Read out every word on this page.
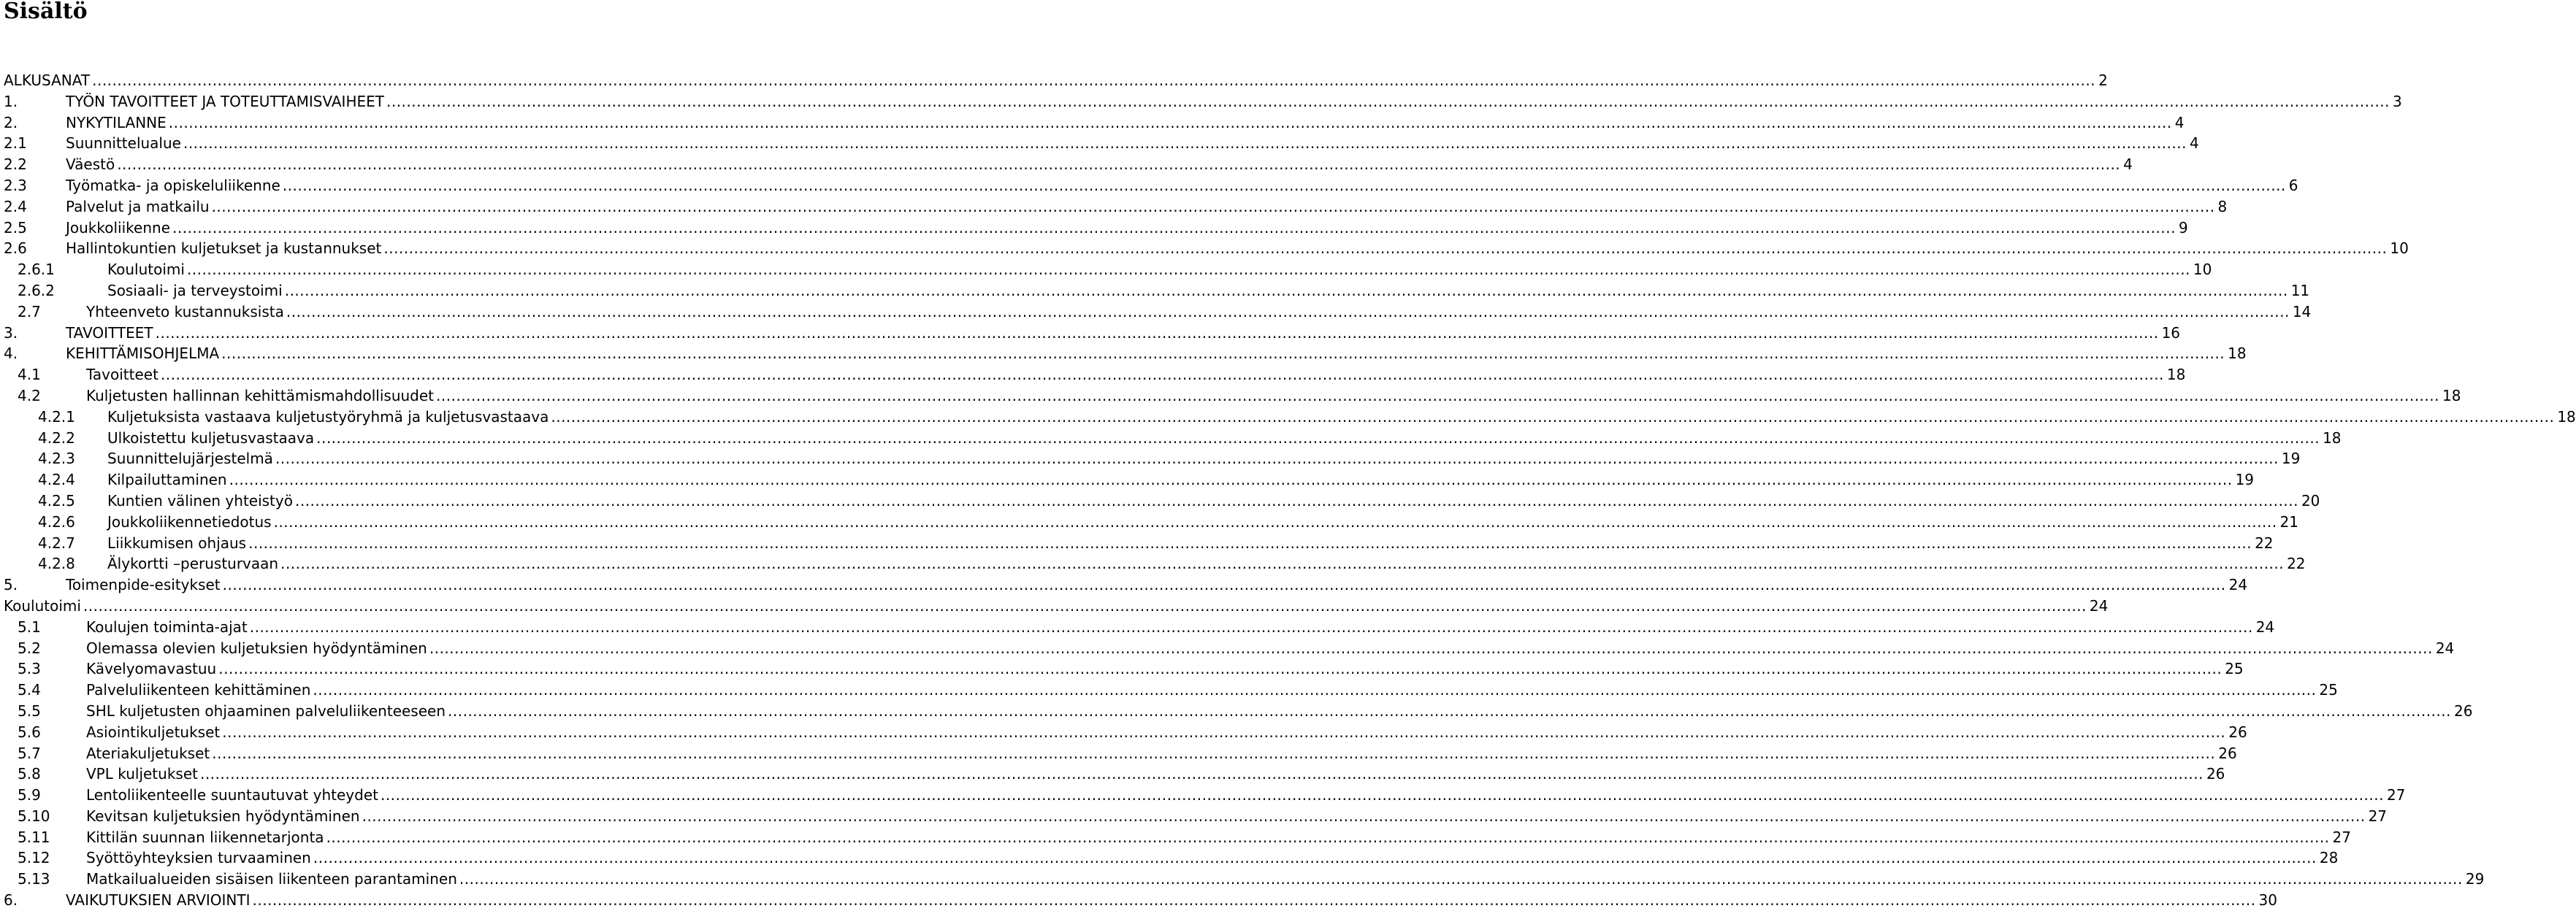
Sisältö
ALKUSANAT ................................................................................................................................................................................................................................................................................................................................................................................................................ 2
1.	TYÖN TAVOITTEET JA TOTEUTTAMISVAIHEET ................................................................................................................................................................................................................................................................................................................................................................................................................ 3
2.	NYKYTILANNE ................................................................................................................................................................................................................................................................................................................................................................................................................ 4
2.1	Suunnittelualue ................................................................................................................................................................................................................................................................................................................................................................................................................ 4
2.2	Väestö ................................................................................................................................................................................................................................................................................................................................................................................................................ 4
2.3	Työmatka- ja opiskeluliikenne ................................................................................................................................................................................................................................................................................................................................................................................................................ 6
2.4	Palvelut ja matkailu ................................................................................................................................................................................................................................................................................................................................................................................................................ 8
2.5	Joukkoliikenne ................................................................................................................................................................................................................................................................................................................................................................................................................ 9
2.6	Hallintokuntien kuljetukset ja kustannukset ................................................................................................................................................................................................................................................................................................................................................................................................................ 10
2.6.1	Koulutoimi ................................................................................................................................................................................................................................................................................................................................................................................................................ 10
2.6.2	Sosiaali- ja terveystoimi ................................................................................................................................................................................................................................................................................................................................................................................................................ 11
2.7	Yhteenveto kustannuksista ................................................................................................................................................................................................................................................................................................................................................................................................................ 14
3.	TAVOITTEET ................................................................................................................................................................................................................................................................................................................................................................................................................ 16
4.	KEHITTÄMISOHJELMA ................................................................................................................................................................................................................................................................................................................................................................................................................ 18
4.1	Tavoitteet ................................................................................................................................................................................................................................................................................................................................................................................................................ 18
4.2	Kuljetusten hallinnan kehittämismahdollisuudet ................................................................................................................................................................................................................................................................................................................................................................................................................ 18
4.2.1 Kuljetuksista vastaava kuljetustyöryhmä ja kuljetusvastaava ................................................................................................................................................................................................................................................................................................................................................................................................................ 18
4.2.2 Ulkoistettu kuljetusvastaava ................................................................................................................................................................................................................................................................................................................................................................................................................ 18
4.2.3 Suunnittelujärjestelmä ................................................................................................................................................................................................................................................................................................................................................................................................................ 19
4.2.4 Kilpailuttaminen ................................................................................................................................................................................................................................................................................................................................................................................................................ 19
4.2.5 Kuntien välinen yhteistyö ................................................................................................................................................................................................................................................................................................................................................................................................................ 20
4.2.6 Joukkoliikennetiedotus ................................................................................................................................................................................................................................................................................................................................................................................................................ 21
4.2.7 Liikkumisen ohjaus ................................................................................................................................................................................................................................................................................................................................................................................................................ 22
4.2.8 Älykortti –perusturvaan ................................................................................................................................................................................................................................................................................................................................................................................................................ 22
5.	Toimenpide-esitykset ................................................................................................................................................................................................................................................................................................................................................................................................................ 24
Koulutoimi ................................................................................................................................................................................................................................................................................................................................................................................................................ 24
5.1	Koulujen toiminta-ajat ................................................................................................................................................................................................................................................................................................................................................................................................................ 24
5.2	Olemassa olevien kuljetuksien hyödyntäminen ................................................................................................................................................................................................................................................................................................................................................................................................................ 24
5.3	Kävelyomavastuu ................................................................................................................................................................................................................................................................................................................................................................................................................ 25
5.4	Palveluliikenteen kehittäminen ................................................................................................................................................................................................................................................................................................................................................................................................................ 25
5.5	SHL kuljetusten ohjaaminen palveluliikenteeseen ................................................................................................................................................................................................................................................................................................................................................................................................................ 26
5.6	Asiointikuljetukset ................................................................................................................................................................................................................................................................................................................................................................................................................ 26
5.7	Ateriakuljetukset ................................................................................................................................................................................................................................................................................................................................................................................................................ 26
5.8	VPL kuljetukset ................................................................................................................................................................................................................................................................................................................................................................................................................ 26
5.9	Lentoliikenteelle suuntautuvat yhteydet ................................................................................................................................................................................................................................................................................................................................................................................................................ 27
5.10 Kevitsan kuljetuksien hyödyntäminen ................................................................................................................................................................................................................................................................................................................................................................................................................ 27
5.11 Kittilän suunnan liikennetarjonta ................................................................................................................................................................................................................................................................................................................................................................................................................ 27
5.12 Syöttöyhteyksien turvaaminen ................................................................................................................................................................................................................................................................................................................................................................................................................ 28
5.13 Matkailualueiden sisäisen liikenteen parantaminen ................................................................................................................................................................................................................................................................................................................................................................................................................ 29
6.	VAIKUTUKSIEN ARVIOINTI ................................................................................................................................................................................................................................................................................................................................................................................................................ 30
